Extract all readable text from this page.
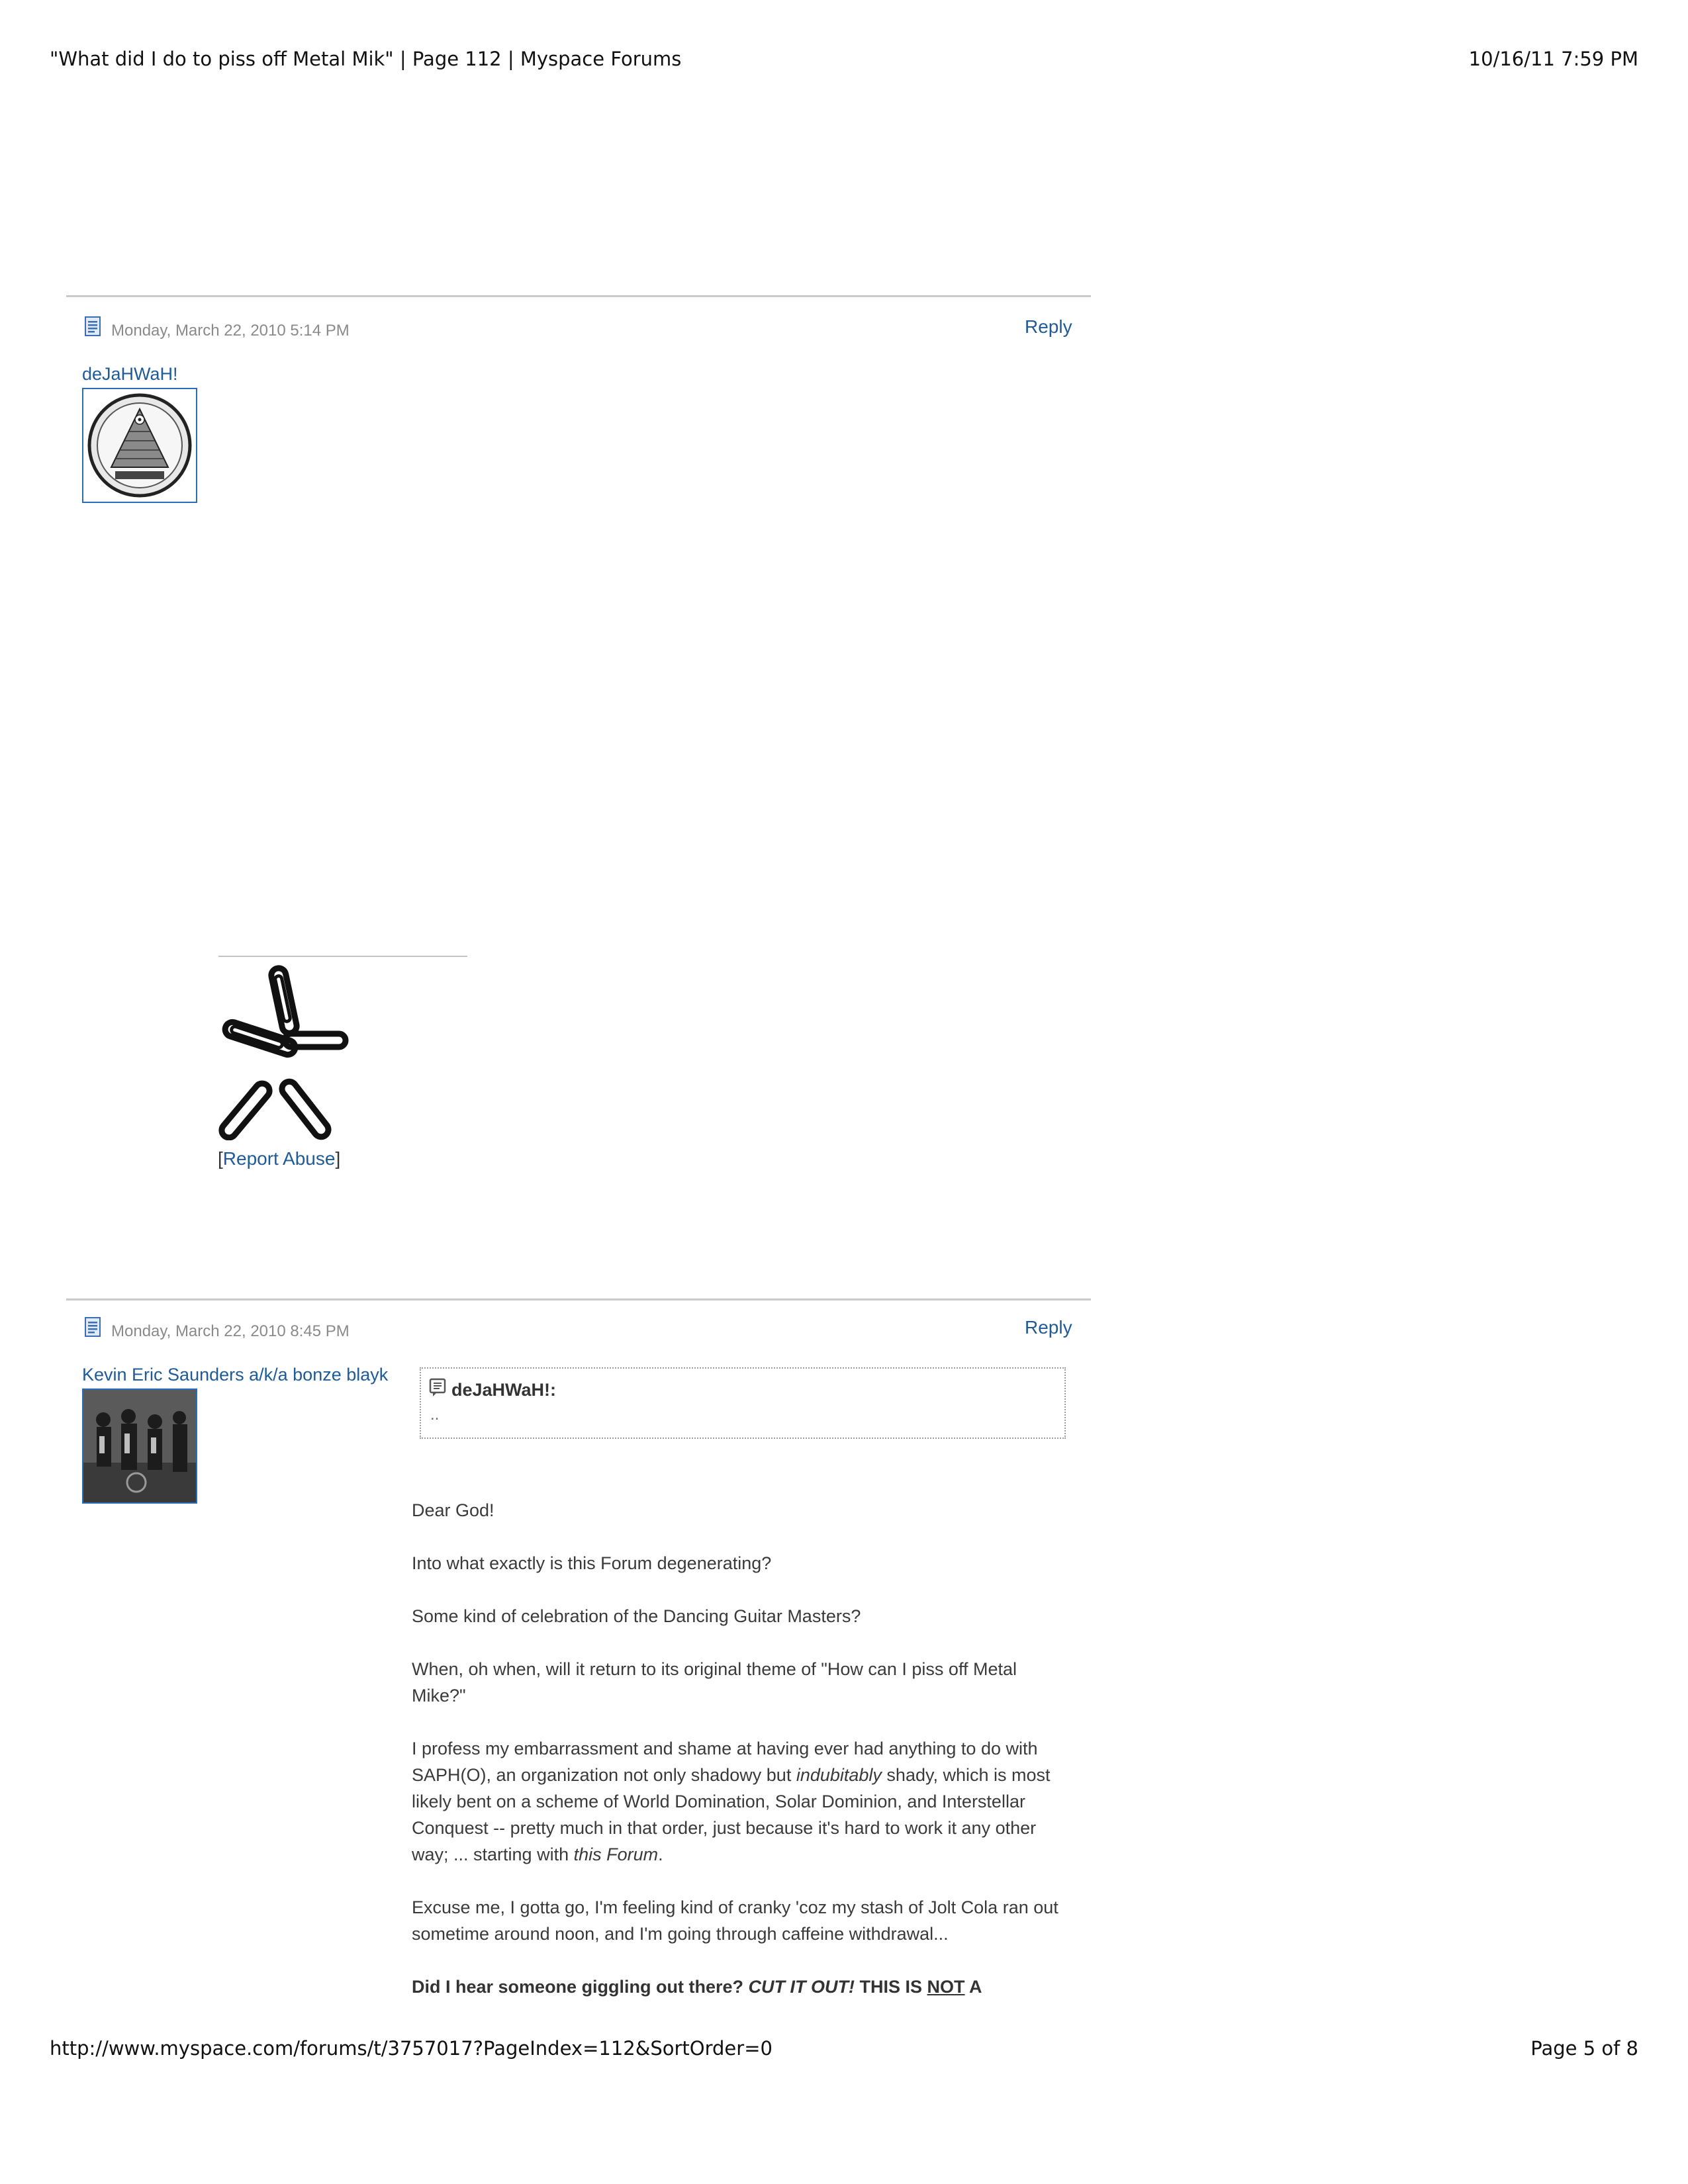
"What did I do to piss off Metal Mik" | Page 112 | Myspace Forums	10/16/11 7:59 PM
Monday, March 22, 2010 5:14 PM	Reply
deJaHWaH!
[Report Abuse]
Monday, March 22, 2010 8:45 PM	Reply
Kevin Eric Saunders a/k/a bonze blayk
deJaHWaH!:
..

Dear God!

Into what exactly is this Forum degenerating?

Some kind of celebration of the Dancing Guitar Masters?

When, oh when, will it return to its original theme of "How can I piss off Metal Mike?"

I profess my embarrassment and shame at having ever had anything to do with SAPH(O), an organization not only shadowy but indubitably shady, which is most likely bent on a scheme of World Domination, Solar Dominion, and Interstellar Conquest -- pretty much in that order, just because it's hard to work it any other way; ... starting with this Forum.

Excuse me, I gotta go, I'm feeling kind of cranky 'coz my stash of Jolt Cola ran out sometime around noon, and I'm going through caffeine withdrawal...

Did I hear someone giggling out there? CUT IT OUT! THIS IS NOT A

http://www.myspace.com/forums/t/3757017?PageIndex=112&SortOrder=0	Page 5 of 8
